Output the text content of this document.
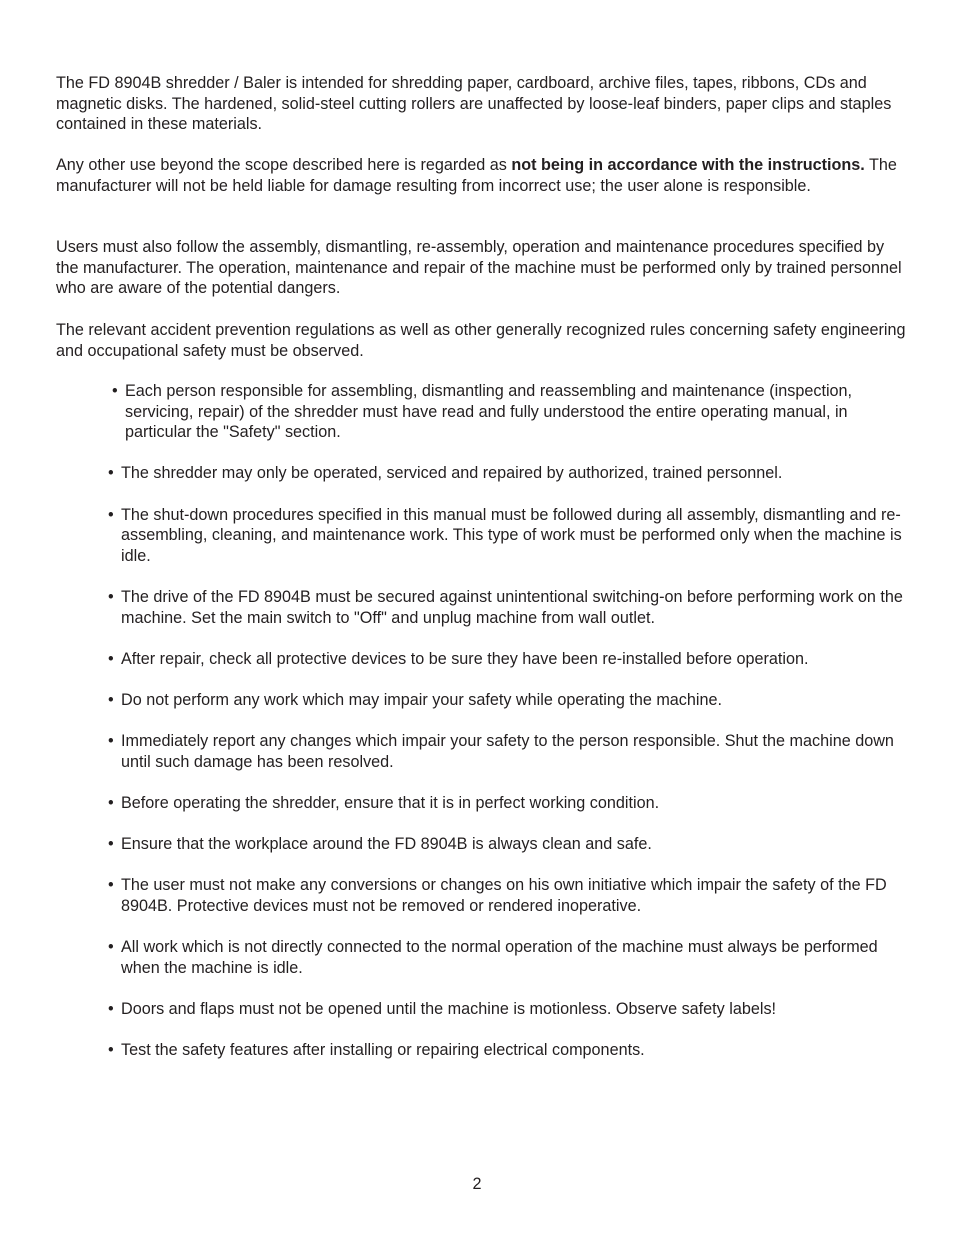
The FD 8904B shredder / Baler is intended for shredding paper, cardboard, archive files, tapes, ribbons, CDs and magnetic disks. The hardened, solid-steel cutting rollers are unaffected by loose-leaf binders, paper clips and staples contained in these materials.

Any other use beyond the scope described here is regarded as not being in accordance with the instructions. The manufacturer will not be held liable for damage resulting from incorrect use; the user alone is responsible.

Users must also follow the assembly, dismantling, re-assembly, operation and maintenance procedures specified by the manufacturer. The operation, maintenance and repair of the machine must be performed only by trained personnel who are aware of the potential dangers.

The relevant accident prevention regulations as well as other generally recognized rules concerning safety engineering and occupational safety must be observed.

• Each person responsible for assembling, dismantling and reassembling and maintenance (inspection, servicing, repair) of the shredder must have read and fully understood the entire operating manual, in particular the "Safety" section.
• The shredder may only be operated, serviced and repaired by authorized, trained personnel.
• The shut-down procedures specified in this manual must be followed during all assembly, dismantling and re-assembling, cleaning, and maintenance work. This type of work must be performed only when the machine is idle.
• The drive of the FD 8904B must be secured against unintentional switching-on before performing work on the machine. Set the main switch to "Off" and unplug machine from wall outlet.
• After repair, check all protective devices to be sure they have been re-installed before operation.
• Do not perform any work which may impair your safety while operating the machine.
• Immediately report any changes which impair your safety to the person responsible. Shut the machine down until such damage has been resolved.
• Before operating the shredder, ensure that it is in perfect working condition.
• Ensure that the workplace around the FD 8904B is always clean and safe.
• The user must not make any conversions or changes on his own initiative which impair the safety of the FD 8904B. Protective devices must not be removed or rendered inoperative.
• All work which is not directly connected to the normal operation of the machine must always be performed when the machine is idle.
• Doors and flaps must not be opened until the machine is motionless. Observe safety labels!
• Test the safety features after installing or repairing electrical components.

2
